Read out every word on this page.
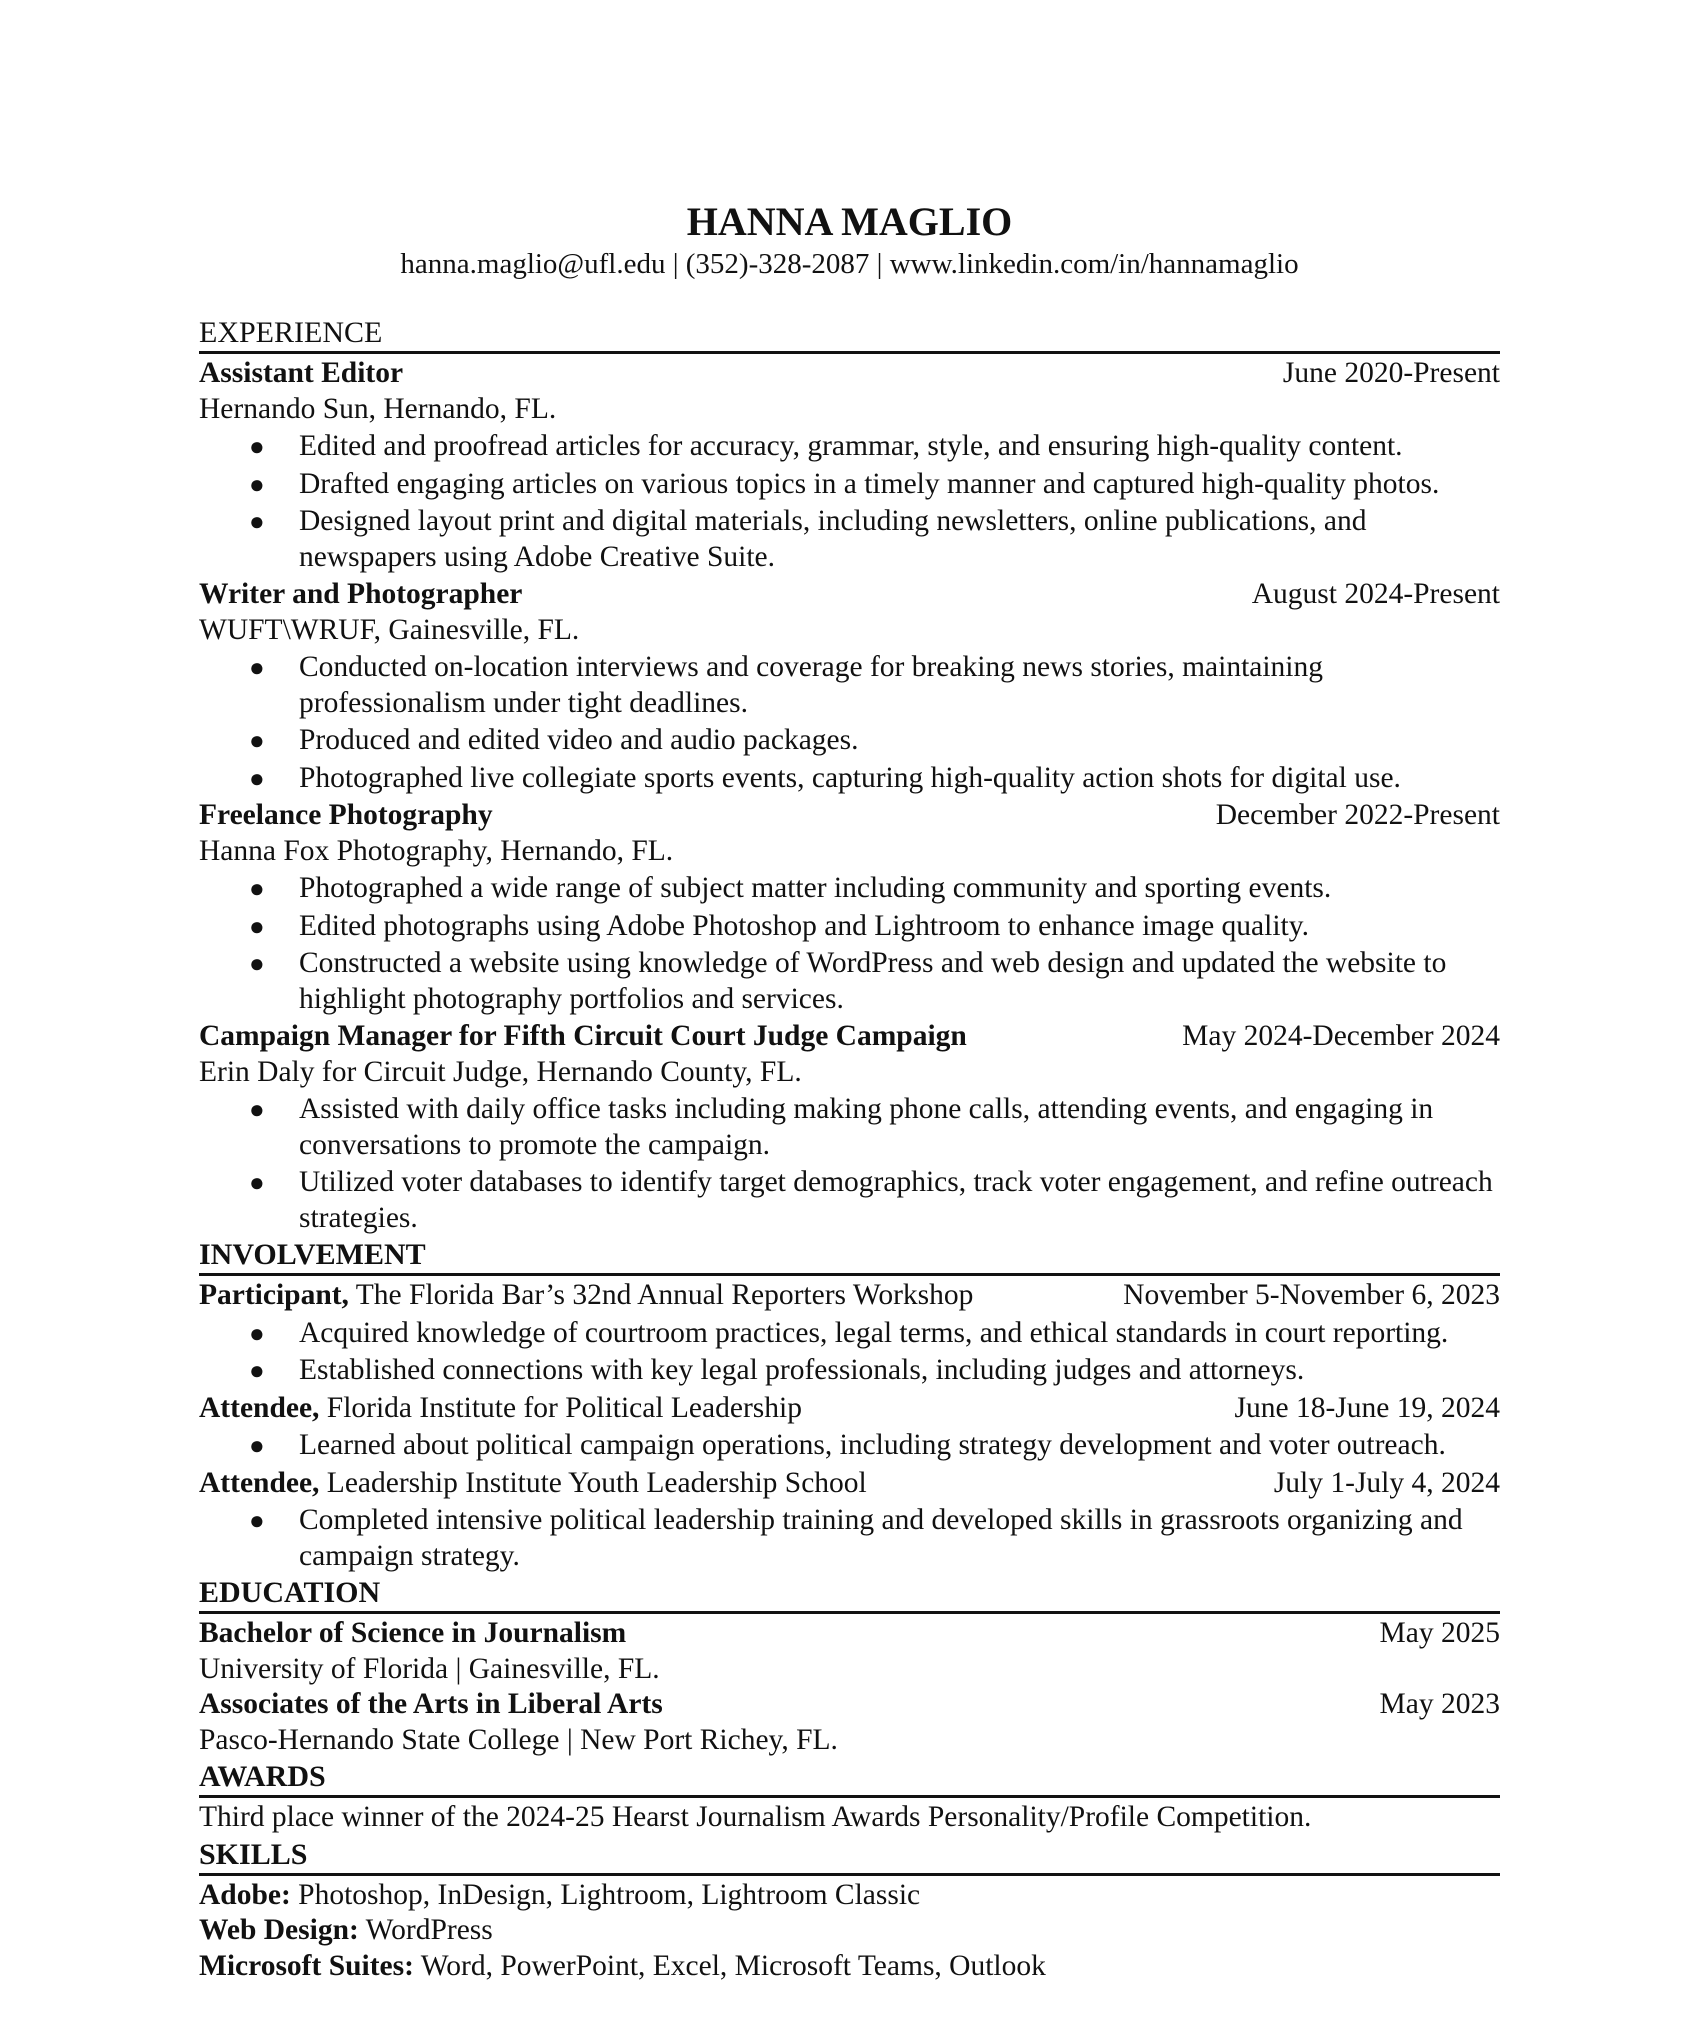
HANNA MAGLIO
hanna.maglio@ufl.edu | (352)-328-2087 | www.linkedin.com/in/hannamaglio
EXPERIENCE
Assistant Editor	June 2020-Present
Hernando Sun, Hernando, FL.
● Edited and proofread articles for accuracy, grammar, style, and ensuring high-quality content.
● Drafted engaging articles on various topics in a timely manner and captured high-quality photos.
● Designed layout print and digital materials, including newsletters, online publications, and newspapers using Adobe Creative Suite.
Writer and Photographer	August 2024-Present
WUFT\WRUF, Gainesville, FL.
● Conducted on-location interviews and coverage for breaking news stories, maintaining professionalism under tight deadlines.
● Produced and edited video and audio packages.
● Photographed live collegiate sports events, capturing high-quality action shots for digital use.
Freelance Photography	December 2022-Present
Hanna Fox Photography, Hernando, FL.
● Photographed a wide range of subject matter including community and sporting events.
● Edited photographs using Adobe Photoshop and Lightroom to enhance image quality.
● Constructed a website using knowledge of WordPress and web design and updated the website to highlight photography portfolios and services.
Campaign Manager for Fifth Circuit Court Judge Campaign	May 2024-December 2024
Erin Daly for Circuit Judge, Hernando County, FL.
● Assisted with daily office tasks including making phone calls, attending events, and engaging in conversations to promote the campaign.
● Utilized voter databases to identify target demographics, track voter engagement, and refine outreach strategies.
INVOLVEMENT
Participant, The Florida Bar’s 32nd Annual Reporters Workshop	November 5-November 6, 2023
● Acquired knowledge of courtroom practices, legal terms, and ethical standards in court reporting.
● Established connections with key legal professionals, including judges and attorneys.
Attendee, Florida Institute for Political Leadership	June 18-June 19, 2024
● Learned about political campaign operations, including strategy development and voter outreach.
Attendee, Leadership Institute Youth Leadership School	July 1-July 4, 2024
● Completed intensive political leadership training and developed skills in grassroots organizing and campaign strategy.
EDUCATION
Bachelor of Science in Journalism	May 2025
University of Florida | Gainesville, FL.
Associates of the Arts in Liberal Arts	May 2023
Pasco-Hernando State College | New Port Richey, FL.
AWARDS
Third place winner of the 2024-25 Hearst Journalism Awards Personality/Profile Competition.
SKILLS
Adobe: Photoshop, InDesign, Lightroom, Lightroom Classic
Web Design: WordPress
Microsoft Suites: Word, PowerPoint, Excel, Microsoft Teams, Outlook
